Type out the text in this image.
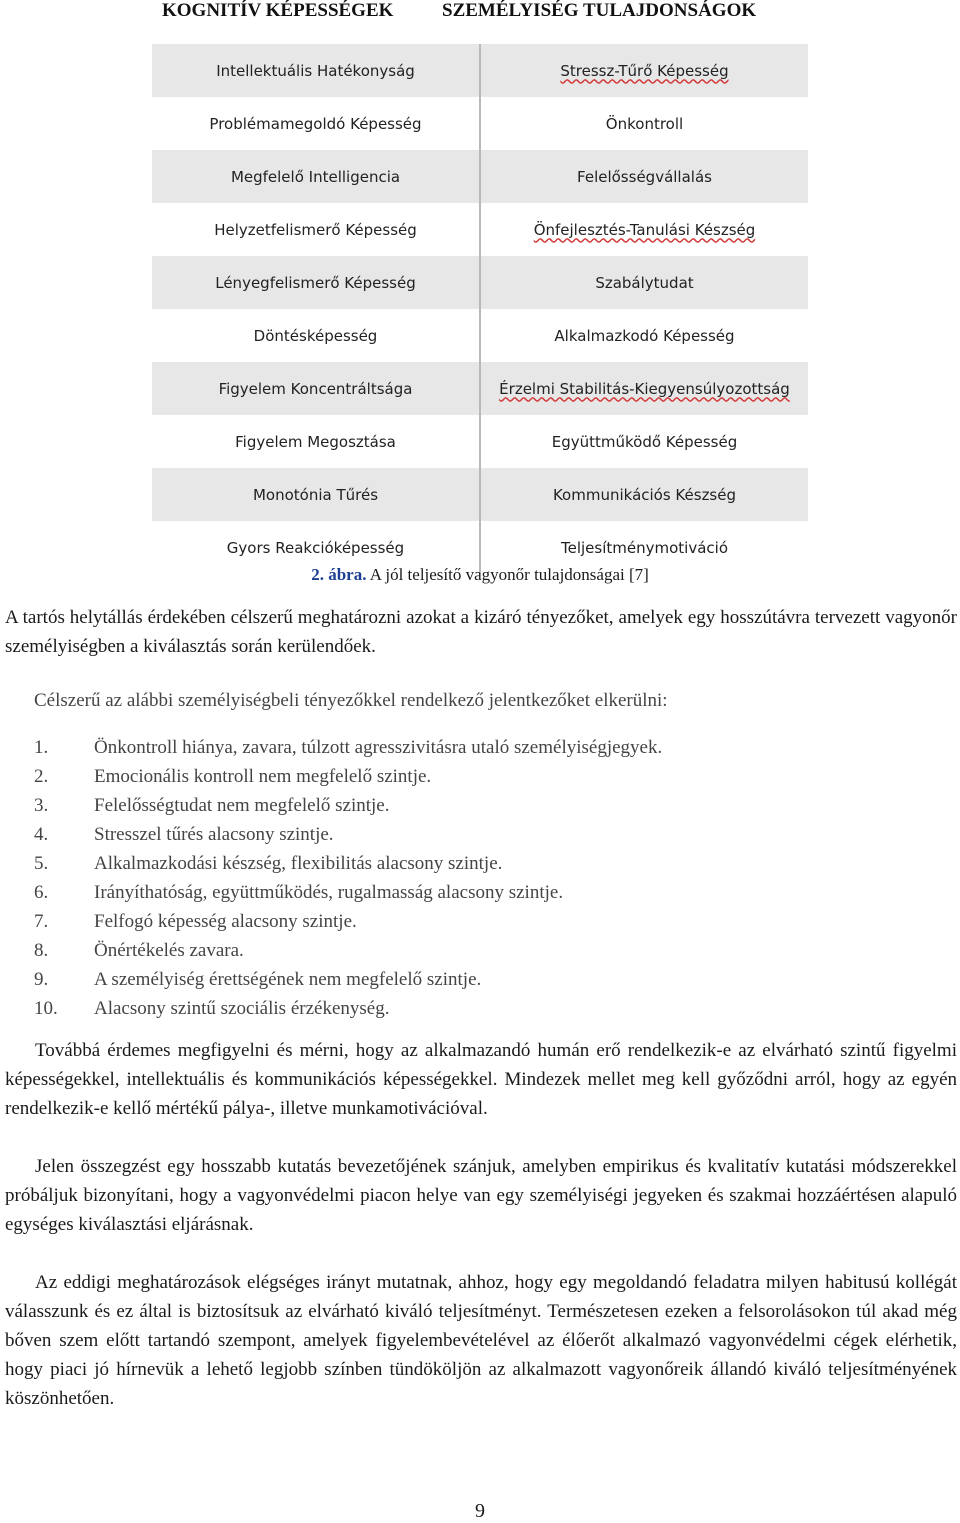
KOGNITÍV KÉPESSÉGEK	SZEMÉLYISÉG TULAJDONSÁGOK
Intellektuális Hatékonyság	Stressz-Tűrő Képesség
Problémamegoldó Képesség	Önkontroll
Megfelelő Intelligencia	Felelősségvállalás
Helyzetfelismerő Képesség	Önfejlesztés-Tanulási Készség
Lényegfelismerő Képesség	Szabálytudat
Döntésképesség	Alkalmazkodó Képesség
Figyelem Koncentráltsága	Érzelmi Stabilitás-Kiegyensúlyozottság
Figyelem Megosztása	Együttműködő Képesség
Monotónia Tűrés	Kommunikációs Készség
Gyors Reakcióképesség	Teljesítménymotiváció
2. ábra. A jól teljesítő vagyonőr tulajdonságai [7]

A tartós helytállás érdekében célszerű meghatározni azokat a kizáró tényezőket, amelyek egy hosszútávra tervezett vagyonőr személyiségben a kiválasztás során kerülendőek.

Célszerű az alábbi személyiségbeli tényezőkkel rendelkező jelentkezőket elkerülni:

1.	Önkontroll hiánya, zavara, túlzott agresszivitásra utaló személyiségjegyek.
2.	Emocionális kontroll nem megfelelő szintje.
3.	Felelősségtudat nem megfelelő szintje.
4.	Stresszel tűrés alacsony szintje.
5.	Alkalmazkodási készség, flexibilitás alacsony szintje.
6.	Irányíthatóság, együttműködés, rugalmasság alacsony szintje.
7.	Felfogó képesség alacsony szintje.
8.	Önértékelés zavara.
9.	A személyiség érettségének nem megfelelő szintje.
10.	Alacsony szintű szociális érzékenység.

Továbbá érdemes megfigyelni és mérni, hogy az alkalmazandó humán erő rendelkezik-e az elvárható szintű figyelmi képességekkel, intellektuális és kommunikációs képességekkel. Mindezek mellet meg kell győződni arról, hogy az egyén rendelkezik-e kellő mértékű pálya-, illetve munkamotivációval.

Jelen összegzést egy hosszabb kutatás bevezetőjének szánjuk, amelyben empirikus és kvalitatív kutatási módszerekkel próbáljuk bizonyítani, hogy a vagyonvédelmi piacon helye van egy személyiségi jegyeken és szakmai hozzáértésen alapuló egységes kiválasztási eljárásnak.

Az eddigi meghatározások elégséges irányt mutatnak, ahhoz, hogy egy megoldandó feladatra milyen habitusú kollégát válasszunk és ez által is biztosítsuk az elvárható kiváló teljesítményt. Természetesen ezeken a felsorolásokon túl akad még bőven szem előtt tartandó szempont, amelyek figyelembevételével az élőerőt alkalmazó vagyonvédelmi cégek elérhetik, hogy piaci jó hírnevük a lehető legjobb színben tündököljön az alkalmazott vagyonőreik állandó kiváló teljesítményének köszönhetően.

9
